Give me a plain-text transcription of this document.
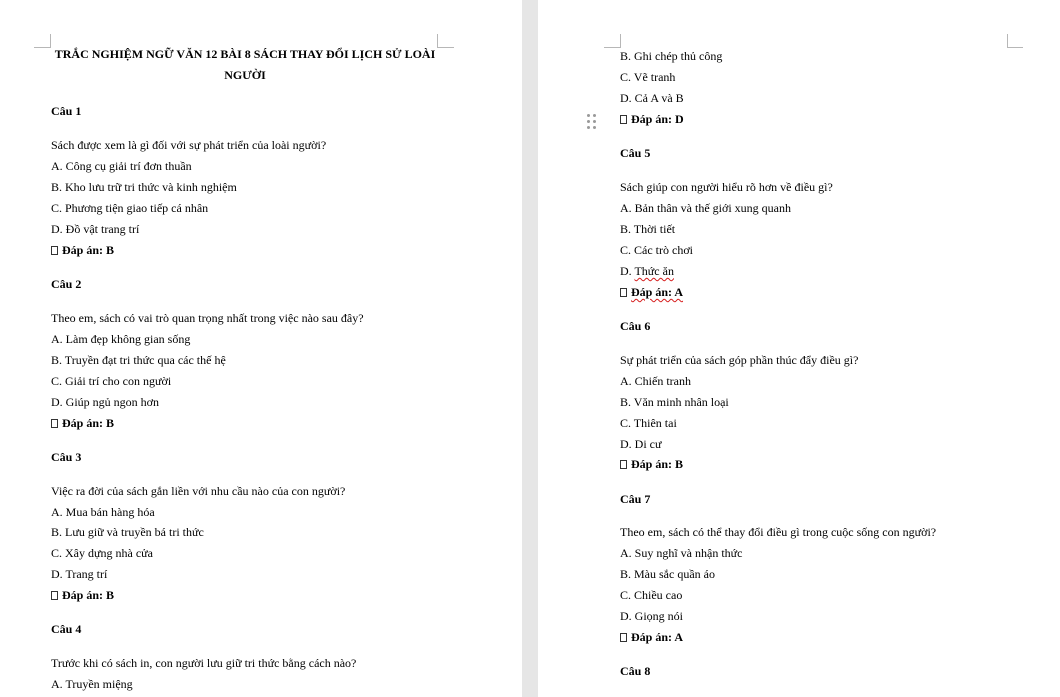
TRẮC NGHIỆM NGỮ VĂN 12 BÀI 8 SÁCH THAY ĐỔI LỊCH SỬ LOÀI NGƯỜI
Câu 1
Sách được xem là gì đối với sự phát triển của loài người?
A. Công cụ giải trí đơn thuần
B. Kho lưu trữ tri thức và kinh nghiệm
C. Phương tiện giao tiếp cá nhân
D. Đồ vật trang trí
Đáp án: B
Câu 2
Theo em, sách có vai trò quan trọng nhất trong việc nào sau đây?
A. Làm đẹp không gian sống
B. Truyền đạt tri thức qua các thế hệ
C. Giải trí cho con người
D. Giúp ngủ ngon hơn
Đáp án: B
Câu 3
Việc ra đời của sách gắn liền với nhu cầu nào của con người?
A. Mua bán hàng hóa
B. Lưu giữ và truyền bá tri thức
C. Xây dựng nhà cửa
D. Trang trí
Đáp án: B
Câu 4
Trước khi có sách in, con người lưu giữ tri thức bằng cách nào?
A. Truyền miệng
B. Ghi chép thủ công
C. Vẽ tranh
D. Cả A và B
Đáp án: D
Câu 5
Sách giúp con người hiểu rõ hơn về điều gì?
A. Bản thân và thế giới xung quanh
B. Thời tiết
C. Các trò chơi
D. Thức ăn
Đáp án: A
Câu 6
Sự phát triển của sách góp phần thúc đẩy điều gì?
A. Chiến tranh
B. Văn minh nhân loại
C. Thiên tai
D. Di cư
Đáp án: B
Câu 7
Theo em, sách có thể thay đổi điều gì trong cuộc sống con người?
A. Suy nghĩ và nhận thức
B. Màu sắc quần áo
C. Chiều cao
D. Giọng nói
Đáp án: A
Câu 8
